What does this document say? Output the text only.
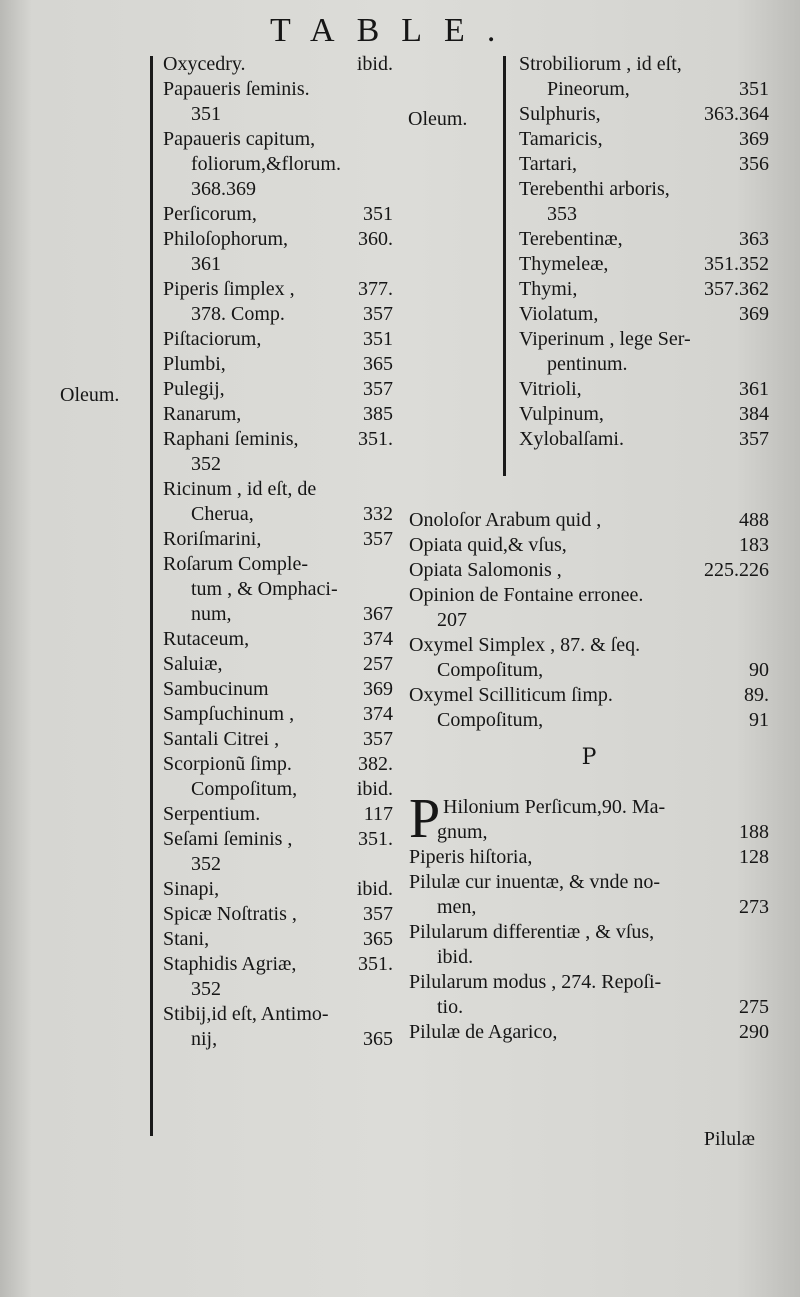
TABLE.
Oleum.
Oxycedry.	ibid.
Papaueris ſeminis.
351
Papaueris capitum,
foliorum,&florum.
368.369
Perſicorum,	351
Philoſophorum,	360.
361
Piperis ſimplex ,	377.
378. Comp.	357
Piſtaciorum,	351
Plumbi,	365
Pulegij,	357
Ranarum,	385
Raphani ſeminis,	351.
352
Ricinum , id eſt, de
Cherua,	332
Roriſmarini,	357
Roſarum Comple-
tum , & Omphaci-
num,	367
Rutaceum,	374
Saluiæ,	257
Sambucinum	369
Sampſuchinum ,	374
Santali Citrei ,	357
Scorpionũ ſimp.	382.
Compoſitum,	ibid.
Serpentium.	117
Seſami ſeminis ,	351.
352
Sinapi,	ibid.
Spicæ Noſtratis ,	357
Stani,	365
Staphidis Agriæ,	351.
352
Stibij,id eſt, Antimo-
nij,	365
Oleum.
Strobiliorum , id eſt,
Pineorum,	351
Sulphuris,	363.364
Tamaricis,	369
Tartari,	356
Terebenthi arboris,
353
Terebentinæ,	363
Thymeleæ,	351.352
Thymi,	357.362
Violatum,	369
Viperinum , lege Ser-
pentinum.
Vitrioli,	361
Vulpinum,	384
Xylobalſami.	357
Onoloſor Arabum quid ,	488
Opiata quid,& vſus,	183
Opiata Salomonis ,	225.226
Opinion de Fontaine erronee.
207
Oxymel Simplex , 87. & ſeq.
Compoſitum,	90
Oxymel Scilliticum ſimp.	89.
Compoſitum,	91
P
P Hilonium Perſicum,90. Ma-
gnum,	188
Piperis hiſtoria,	128
Pilulæ cur inuentæ, & vnde no-
men,	273
Pilularum differentiæ , & vſus,
ibid.
Pilularum modus , 274. Repoſi-
tio.	275
Pilulæ de Agarico,	290
Pilulæ
